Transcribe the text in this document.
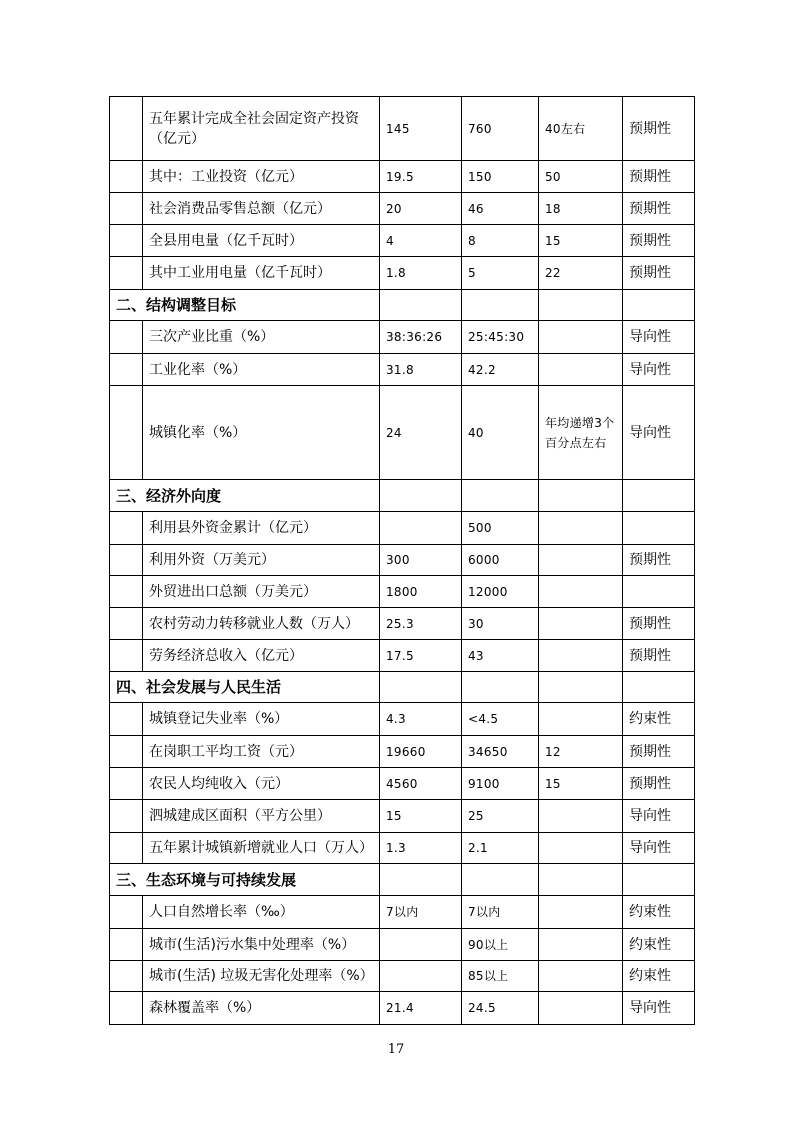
	五年累计完成全社会固定资产投资（亿元）	145	760	40左右	预期性
	其中：工业投资（亿元）	19.5	150	50	预期性
	社会消费品零售总额（亿元）	20	46	18	预期性
	全县用电量（亿千瓦时）	4	8	15	预期性
	其中工业用电量（亿千瓦时）	1.8	5	22	预期性
二、结构调整目标					
	三次产业比重（%）	38:36:26	25:45:30		导向性
	工业化率（%）	31.8	42.2		导向性
	城镇化率（%）	24	40	年均递增3个百分点左右	导向性
三、经济外向度					
	利用县外资金累计（亿元）		500		
	利用外资（万美元）	300	6000		预期性
	外贸进出口总额（万美元）	1800	12000		
	农村劳动力转移就业人数（万人）	25.3	30		预期性
	劳务经济总收入（亿元）	17.5	43		预期性
四、社会发展与人民生活					
	城镇登记失业率（%）	4.3	<4.5		约束性
	在岗职工平均工资（元）	19660	34650	12	预期性
	农民人均纯收入（元）	4560	9100	15	预期性
	泗城建成区面积（平方公里）	15	25		导向性
	五年累计城镇新增就业人口（万人）	1.3	2.1		导向性
三、生态环境与可持续发展					
	人口自然增长率（‰）	7以内	7以内		约束性
	城市(生活)污水集中处理率（%）		90以上		约束性
	城市(生活) 垃圾无害化处理率（%）		85以上		约束性
	森林覆盖率（%）	21.4	24.5		导向性
17
